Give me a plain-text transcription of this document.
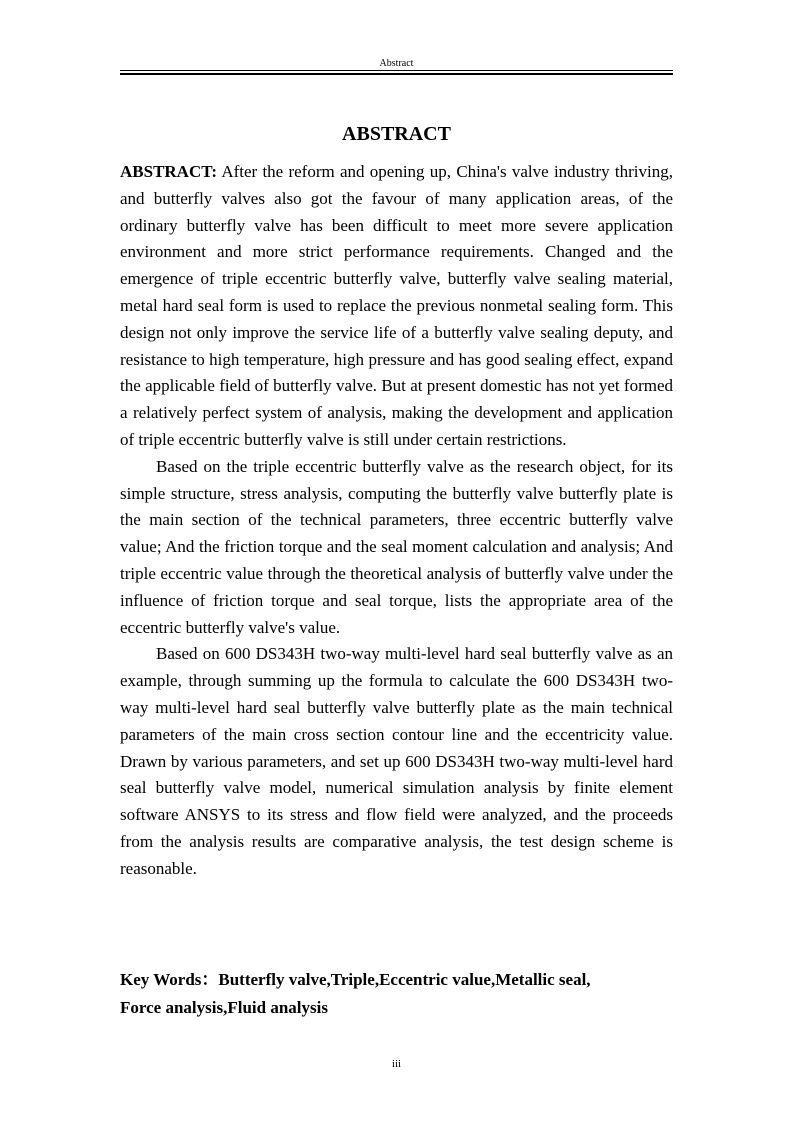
Abstract
ABSTRACT

ABSTRACT: After the reform and opening up, China's valve industry thriving, and butterfly valves also got the favour of many application areas, of the ordinary butterfly valve has been difficult to meet more severe application environment and more strict performance requirements. Changed and the emergence of triple eccentric butterfly valve, butterfly valve sealing material, metal hard seal form is used to replace the previous nonmetal sealing form. This design not only improve the service life of a butterfly valve sealing deputy, and resistance to high temperature, high pressure and has good sealing effect, expand the applicable field of butterfly valve. But at present domestic has not yet formed a relatively perfect system of analysis, making the development and application of triple eccentric butterfly valve is still under certain restrictions.

Based on the triple eccentric butterfly valve as the research object, for its simple structure, stress analysis, computing the butterfly valve butterfly plate is the main section of the technical parameters, three eccentric butterfly valve value; And the friction torque and the seal moment calculation and analysis; And triple eccentric value through the theoretical analysis of butterfly valve under the influence of friction torque and seal torque, lists the appropriate area of the eccentric butterfly valve's value.

Based on 600 DS343H two-way multi-level hard seal butterfly valve as an example, through summing up the formula to calculate the 600 DS343H two-way multi-level hard seal butterfly valve butterfly plate as the main technical parameters of the main cross section contour line and the eccentricity value. Drawn by various parameters, and set up 600 DS343H two-way multi-level hard seal butterfly valve model, numerical simulation analysis by finite element software ANSYS to its stress and flow field were analyzed, and the proceeds from the analysis results are comparative analysis, the test design scheme is reasonable.

Key Words：Butterfly valve,Triple,Eccentric value,Metallic seal,
Force analysis,Fluid analysis
iii
